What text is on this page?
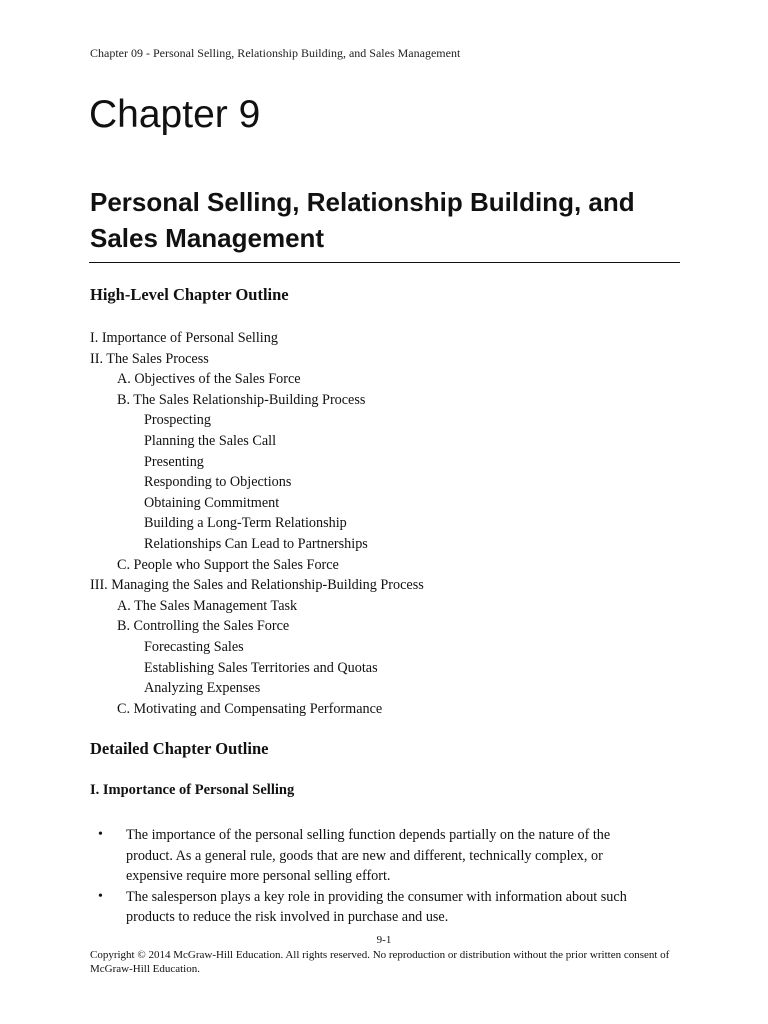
Chapter 09 - Personal Selling, Relationship Building, and Sales Management
Chapter 9
Personal Selling, Relationship Building, and Sales Management
High-Level Chapter Outline
I. Importance of Personal Selling
II. The Sales Process
A. Objectives of the Sales Force
B. The Sales Relationship-Building Process
Prospecting
Planning the Sales Call
Presenting
Responding to Objections
Obtaining Commitment
Building a Long-Term Relationship
Relationships Can Lead to Partnerships
C. People who Support the Sales Force
III. Managing the Sales and Relationship-Building Process
A. The Sales Management Task
B. Controlling the Sales Force
Forecasting Sales
Establishing Sales Territories and Quotas
Analyzing Expenses
C. Motivating and Compensating Performance
Detailed Chapter Outline
I. Importance of Personal Selling
• The importance of the personal selling function depends partially on the nature of the product. As a general rule, goods that are new and different, technically complex, or expensive require more personal selling effort.
• The salesperson plays a key role in providing the consumer with information about such products to reduce the risk involved in purchase and use.
9-1
Copyright © 2014 McGraw-Hill Education. All rights reserved. No reproduction or distribution without the prior written consent of McGraw-Hill Education.
